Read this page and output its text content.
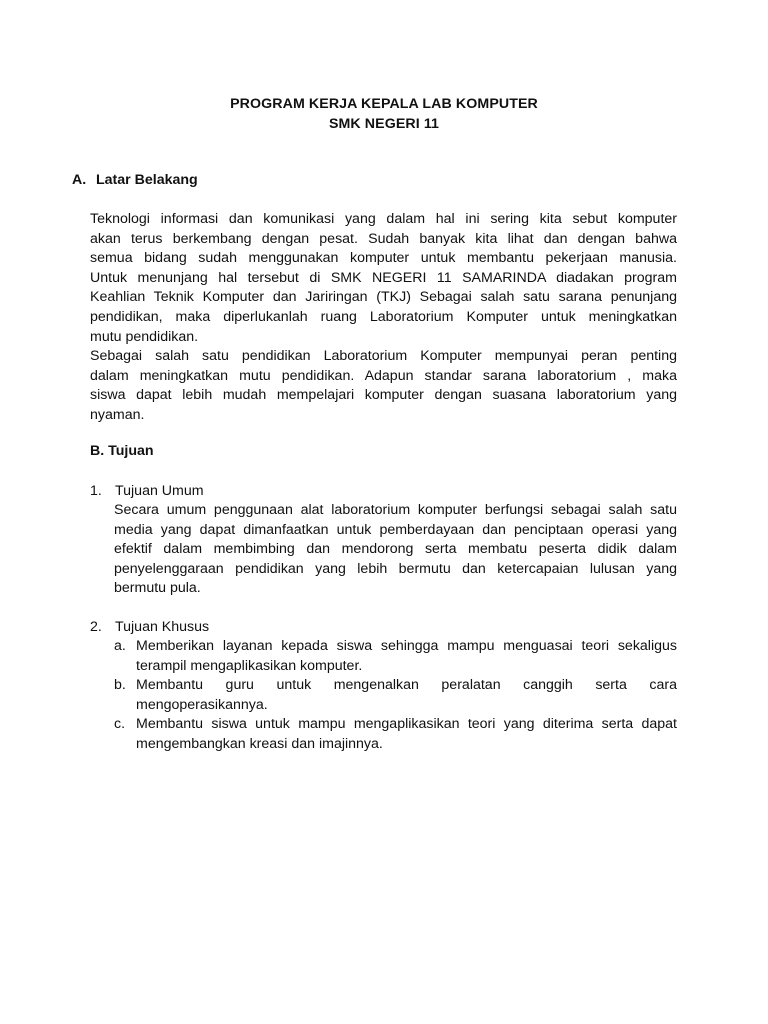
PROGRAM KERJA KEPALA LAB KOMPUTER
SMK NEGERI 11
A. Latar Belakang
Teknologi informasi dan komunikasi yang dalam hal ini sering kita sebut komputer
akan terus berkembang dengan pesat. Sudah banyak kita lihat dan dengan bahwa
semua bidang sudah menggunakan komputer untuk membantu pekerjaan manusia.
Untuk menunjang hal tersebut di SMK NEGERI 11 SAMARINDA diadakan program
Keahlian Teknik Komputer dan Jariringan (TKJ) Sebagai salah satu sarana penunjang
pendidikan, maka diperlukanlah ruang Laboratorium Komputer untuk meningkatkan
mutu pendidikan.
Sebagai salah satu pendidikan Laboratorium Komputer mempunyai peran penting
dalam meningkatkan mutu pendidikan. Adapun standar sarana laboratorium , maka
siswa dapat lebih mudah mempelajari komputer dengan suasana laboratorium yang
nyaman.
B. Tujuan
1. Tujuan Umum
Secara umum penggunaan alat laboratorium komputer berfungsi sebagai salah satu
media yang dapat dimanfaatkan untuk pemberdayaan dan penciptaan operasi yang
efektif dalam membimbing dan mendorong serta membatu peserta didik dalam
penyelenggaraan pendidikan yang lebih bermutu dan ketercapaian lulusan yang
bermutu pula.
2. Tujuan Khusus
a. Memberikan layanan kepada siswa sehingga mampu menguasai teori sekaligus
terampil mengaplikasikan komputer.
b. Membantu guru untuk mengenalkan peralatan canggih serta cara
mengoperasikannya.
c. Membantu siswa untuk mampu mengaplikasikan teori yang diterima serta dapat
mengembangkan kreasi dan imajinnya.
